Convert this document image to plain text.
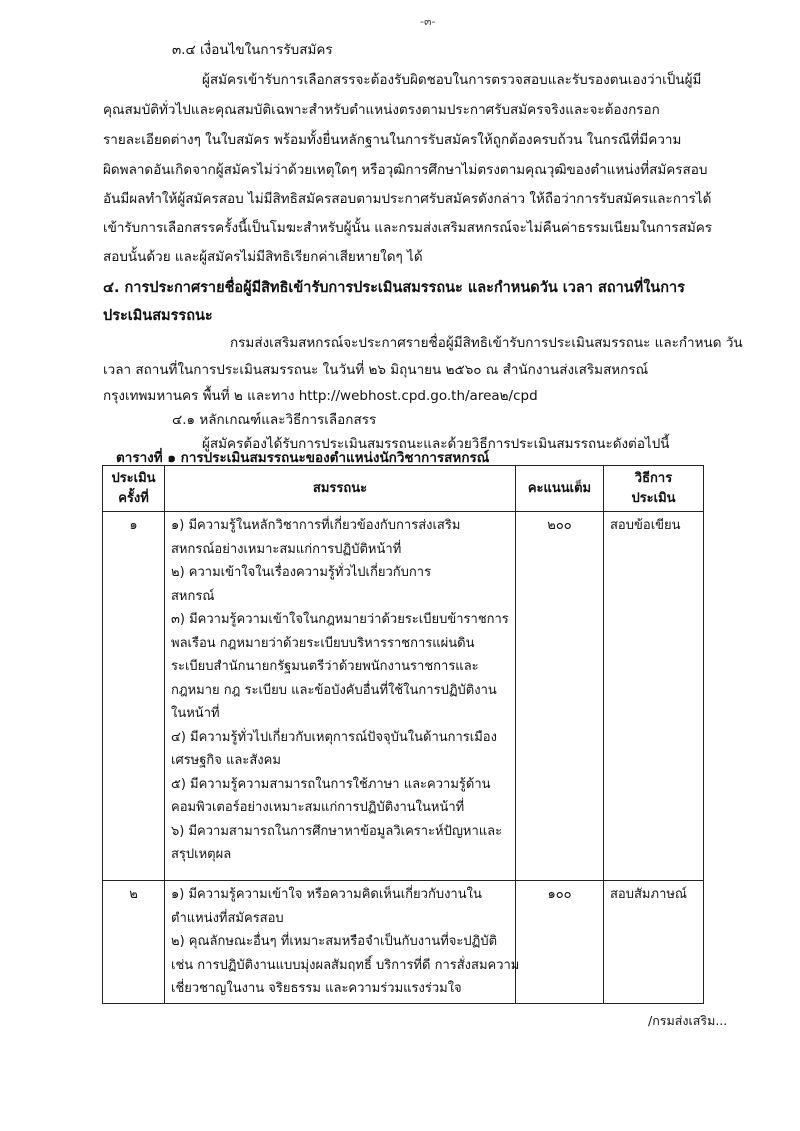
-๓-
๓.๔ เงื่อนไขในการรับสมัคร
ผู้สมัครเข้ารับการเลือกสรรจะต้องรับผิดชอบในการตรวจสอบและรับรองตนเองว่าเป็นผู้มี
คุณสมบัติทั่วไปและคุณสมบัติเฉพาะสำหรับตำแหน่งตรงตามประกาศรับสมัครจริงและจะต้องกรอก
รายละเอียดต่างๆ ในใบสมัคร พร้อมทั้งยื่นหลักฐานในการรับสมัครให้ถูกต้องครบถ้วน ในกรณีที่มีความ
ผิดพลาดอันเกิดจากผู้สมัครไม่ว่าด้วยเหตุใดๆ หรือวุฒิการศึกษาไม่ตรงตามคุณวุฒิของตำแหน่งที่สมัครสอบ
อันมีผลทำให้ผู้สมัครสอบ ไม่มีสิทธิสมัครสอบตามประกาศรับสมัครดังกล่าว ให้ถือว่าการรับสมัครและการได้
เข้ารับการเลือกสรรครั้งนี้เป็นโมฆะสำหรับผู้นั้น และกรมส่งเสริมสหกรณ์จะไม่คืนค่าธรรมเนียมในการสมัคร
สอบนั้นด้วย และผู้สมัครไม่มีสิทธิเรียกค่าเสียหายใดๆ ได้
๔. การประกาศรายชื่อผู้มีสิทธิเข้ารับการประเมินสมรรถนะ และกำหนดวัน เวลา สถานที่ในการ
ประเมินสมรรถนะ
กรมส่งเสริมสหกรณ์จะประกาศรายชื่อผู้มีสิทธิเข้ารับการประเมินสมรรถนะ และกำหนด วัน
เวลา สถานที่ในการประเมินสมรรถนะ ในวันที่ ๒๖ มิถุนายน ๒๕๖๐ ณ สำนักงานส่งเสริมสหกรณ์
กรุงเทพมหานคร พื้นที่ ๒ และทาง http://webhost.cpd.go.th/area๒/cpd
๔.๑ หลักเกณฑ์และวิธีการเลือกสรร
ผู้สมัครต้องได้รับการประเมินสมรรถนะและด้วยวิธีการประเมินสมรรถนะดังต่อไปนี้
ตารางที่ ๑ การประเมินสมรรถนะของตำแหน่งนักวิชาการสหกรณ์
ประเมิน
ครั้งที่	สมรรถนะ	คะแนนเต็ม	วิธีการ
ประเมิน

๑	๑) มีความรู้ในหลักวิชาการที่เกี่ยวข้องกับการส่งเสริม
สหกรณ์อย่างเหมาะสมแก่การปฏิบัติหน้าที่
๒) ความเข้าใจในเรื่องความรู้ทั่วไปเกี่ยวกับการ
สหกรณ์
๓) มีความรู้ความเข้าใจในกฎหมายว่าด้วยระเบียบข้าราชการ
พลเรือน กฎหมายว่าด้วยระเบียบบริหารราชการแผ่นดิน
ระเบียบสำนักนายกรัฐมนตรีว่าด้วยพนักงานราชการและ
กฎหมาย กฎ ระเบียบ และข้อบังคับอื่นที่ใช้ในการปฏิบัติงาน
ในหน้าที่
๔) มีความรู้ทั่วไปเกี่ยวกับเหตุการณ์ปัจจุบันในด้านการเมือง
เศรษฐกิจ และสังคม
๕) มีความรู้ความสามารถในการใช้ภาษา และความรู้ด้าน
คอมพิวเตอร์อย่างเหมาะสมแก่การปฏิบัติงานในหน้าที่
๖) มีความสามารถในการศึกษาหาข้อมูลวิเคราะห์ปัญหาและ
สรุปเหตุผล
	๒๐๐	สอบข้อเขียน
๒	๑) มีความรู้ความเข้าใจ หรือความคิดเห็นเกี่ยวกับงานใน
ตำแหน่งที่สมัครสอบ
๒) คุณลักษณะอื่นๆ ที่เหมาะสมหรือจำเป็นกับงานที่จะปฏิบัติ
เช่น การปฏิบัติงานแบบมุ่งผลสัมฤทธิ์ บริการที่ดี การสั่งสมความ
เชี่ยวชาญในงาน จริยธรรม และความร่วมแรงร่วมใจ	๑๐๐	สอบสัมภาษณ์
/กรมส่งเสริม...
